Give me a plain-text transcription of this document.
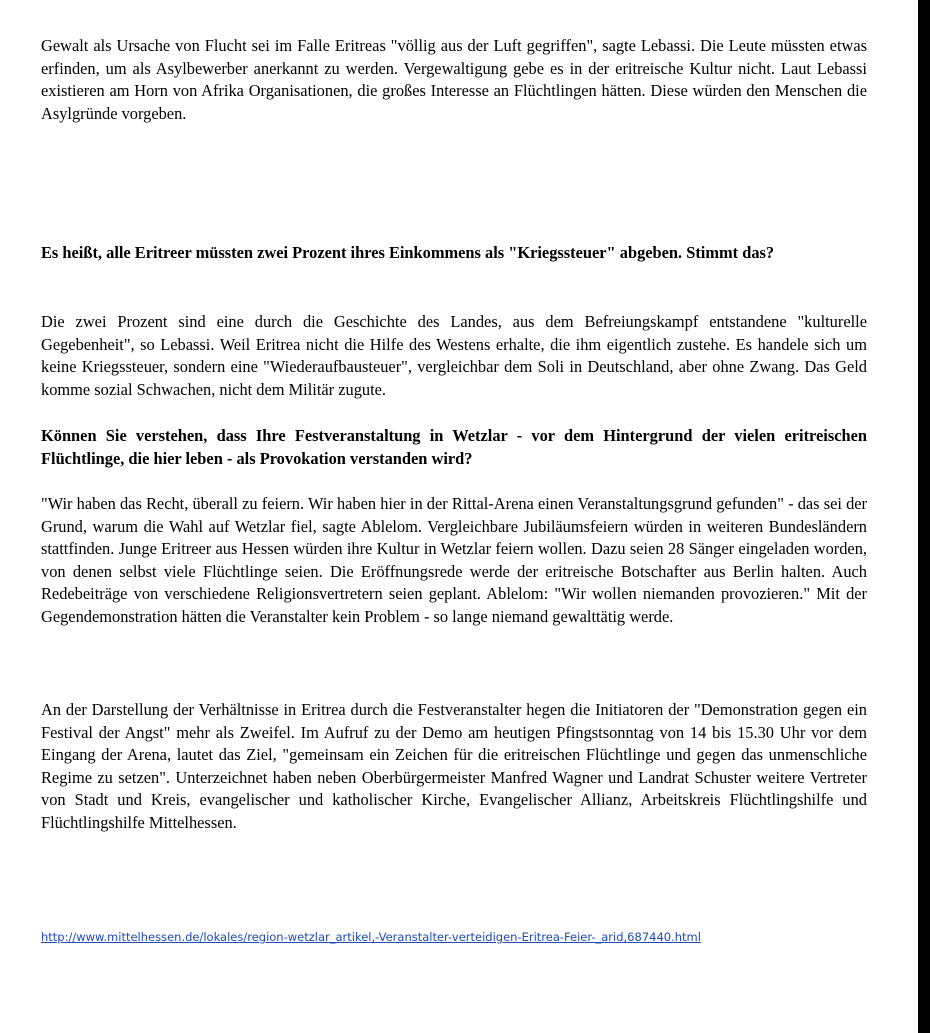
Gewalt als Ursache von Flucht sei im Falle Eritreas "völlig aus der Luft gegriffen", sagte Lebassi. Die Leute müssten etwas erfinden, um als Asylbewerber anerkannt zu werden. Vergewaltigung gebe es in der eritreische Kultur nicht. Laut Lebassi existieren am Horn von Afrika Organisationen, die großes Interesse an Flüchtlingen hätten. Diese würden den Menschen die Asylgründe vorgeben.

Es heißt, alle Eritreer müssten zwei Prozent ihres Einkommens als "Kriegssteuer" abgeben. Stimmt das?

Die zwei Prozent sind eine durch die Geschichte des Landes, aus dem Befreiungskampf entstandene "kulturelle Gegebenheit", so Lebassi. Weil Eritrea nicht die Hilfe des Westens erhalte, die ihm eigentlich zustehe. Es handele sich um keine Kriegssteuer, sondern eine "Wiederaufbausteuer", vergleichbar dem Soli in Deutschland, aber ohne Zwang. Das Geld komme sozial Schwachen, nicht dem Militär zugute.

Können Sie verstehen, dass Ihre Festveranstaltung in Wetzlar - vor dem Hintergrund der vielen eritreischen Flüchtlinge, die hier leben - als Provokation verstanden wird?

"Wir haben das Recht, überall zu feiern. Wir haben hier in der Rittal-Arena einen Veranstaltungsgrund gefunden" - das sei der Grund, warum die Wahl auf Wetzlar fiel, sagte Ablelom. Vergleichbare Jubiläumsfeiern würden in weiteren Bundesländern stattfinden. Junge Eritreer aus Hessen würden ihre Kultur in Wetzlar feiern wollen. Dazu seien 28 Sänger eingeladen worden, von denen selbst viele Flüchtlinge seien. Die Eröffnungsrede werde der eritreische Botschafter aus Berlin halten. Auch Redebeiträge von verschiedene Religionsvertretern seien geplant. Ablelom: "Wir wollen niemanden provozieren." Mit der Gegendemonstration hätten die Veranstalter kein Problem - so lange niemand gewalttätig werde.

An der Darstellung der Verhältnisse in Eritrea durch die Festveranstalter hegen die Initiatoren der "Demonstration gegen ein Festival der Angst" mehr als Zweifel. Im Aufruf zu der Demo am heutigen Pfingstsonntag von 14 bis 15.30 Uhr vor dem Eingang der Arena, lautet das Ziel, "gemeinsam ein Zeichen für die eritreischen Flüchtlinge und gegen das unmenschliche Regime zu setzen". Unterzeichnet haben neben Oberbürgermeister Manfred Wagner und Landrat Schuster weitere Vertreter von Stadt und Kreis, evangelischer und katholischer Kirche, Evangelischer Allianz, Arbeitskreis Flüchtlingshilfe und Flüchtlingshilfe Mittelhessen.

http://www.mittelhessen.de/lokales/region-wetzlar_artikel,-Veranstalter-verteidigen-Eritrea-Feier-_arid,687440.html
